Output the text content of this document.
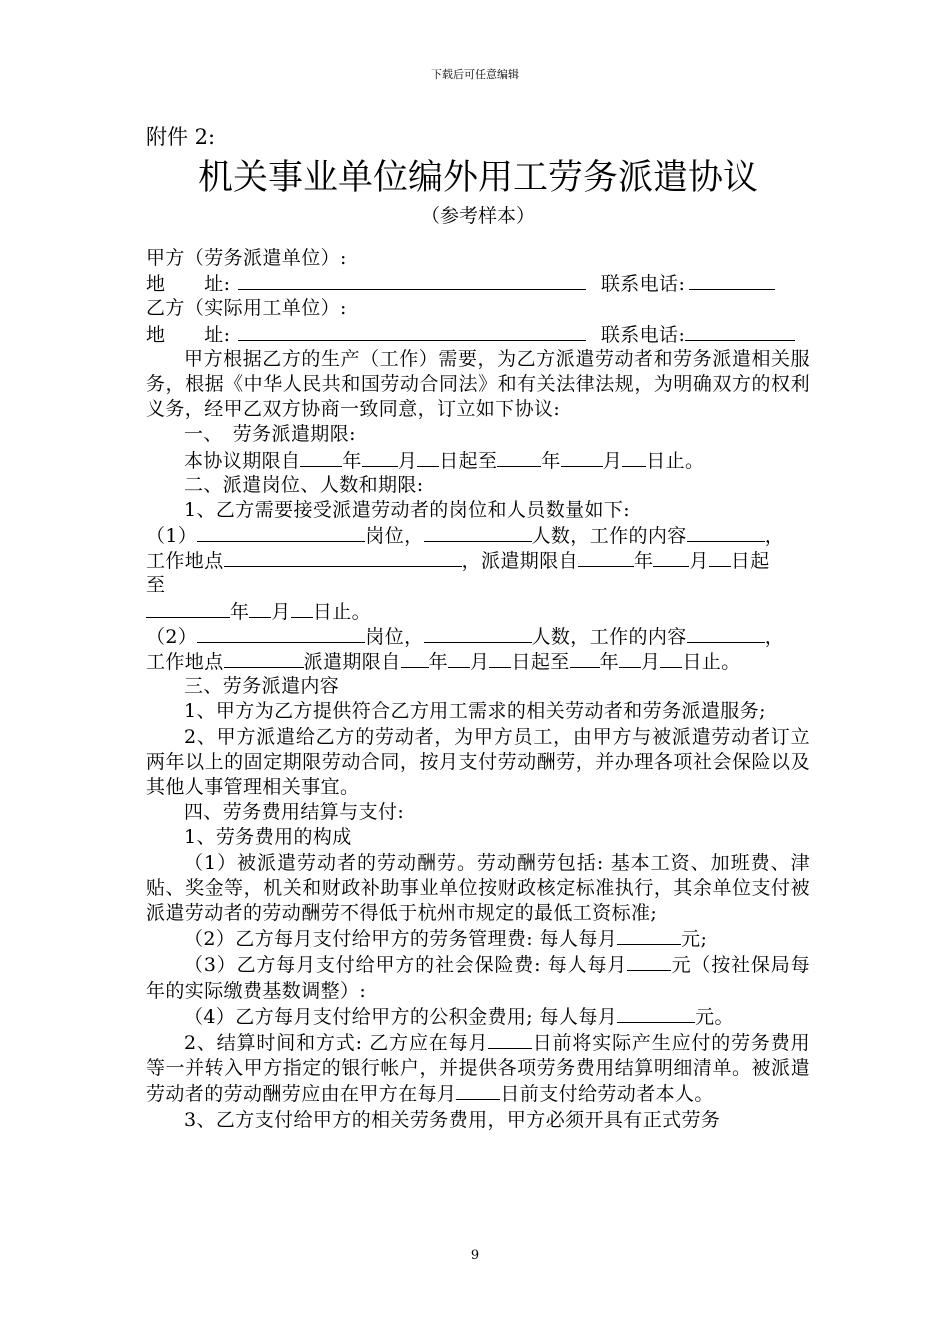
下载后可任意编辑
附件 2:
机关事业单位编外用工劳务派遣协议
（参考样本）
甲方（劳务派遣单位）:
地　　址:	联系电话:
乙方（实际用工单位）:
地　　址:	联系电话:
甲方根据乙方的生产（工作）需要，为乙方派遣劳动者和劳务派遣相关服务，根据《中华人民共和国劳动合同法》和有关法律法规，为明确双方的权利义务，经甲乙双方协商一致同意，订立如下协议:
一、　劳务派遣期限:
本协议期限自 年 月 日起至 年 月 日止。
二、派遣岗位、人数和期限:
1、乙方需要接受派遣劳动者的岗位和人员数量如下:
（1）	岗位，	人数，工作的内容	，
工作地点	，派遣期限自	年 月 日起
至
年 月 日止。
（2）	岗位，	人数，工作的内容	，
工作地点	派遣期限自 年 月 日起至 年 月 日止。
三、劳务派遣内容
1、甲方为乙方提供符合乙方用工需求的相关劳动者和劳务派遣服务;
2、甲方派遣给乙方的劳动者，为甲方员工，由甲方与被派遣劳动者订立两年以上的固定期限劳动合同，按月支付劳动酬劳，并办理各项社会保险以及其他人事管理相关事宜。
四、劳务费用结算与支付:
1、劳务费用的构成
（1）被派遣劳动者的劳动酬劳。劳动酬劳包括: 基本工资、加班费、津贴、奖金等，机关和财政补助事业单位按财政核定标准执行，其余单位支付被派遣劳动者的劳动酬劳不得低于杭州市规定的最低工资标准;
（2）乙方每月支付给甲方的劳务管理费: 每人每月	元;
（3）乙方每月支付给甲方的社会保险费: 每人每月 元（按社保局每年的实际缴费基数调整）:
（4）乙方每月支付给甲方的公积金费用; 每人每月	元。
2、结算时间和方式: 乙方应在每月 日前将实际产生应付的劳务费用等一并转入甲方指定的银行帐户，并提供各项劳务费用结算明细清单。被派遣劳动者的劳动酬劳应由在甲方在每月 日前支付给劳动者本人。
3、乙方支付给甲方的相关劳务费用，甲方必须开具有正式劳务
9
